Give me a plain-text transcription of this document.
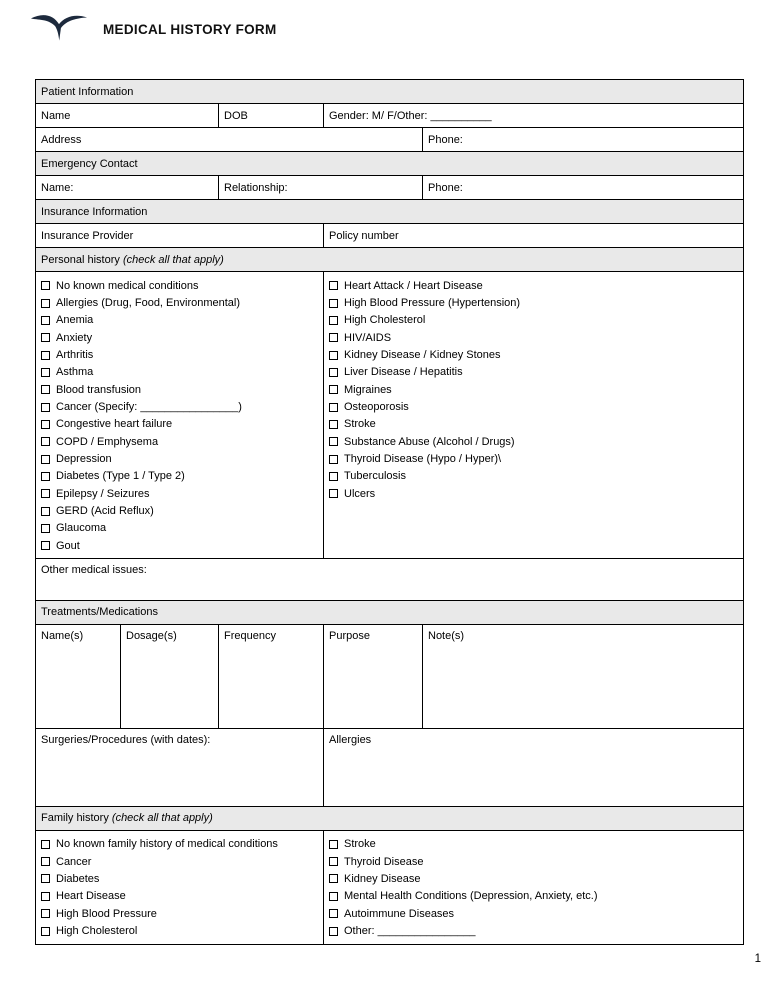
MEDICAL HISTORY FORM
Patient Information				
Name		DOB	Gender: M/ F/Other: __________	
Address				Phone:
Emergency Contact				
Name:		Relationship:		Phone:
Insurance Information				
Insurance Provider			Policy number	
Personal history (check all that apply)				

No known medical conditions
Allergies (Drug, Food, Environmental)
Anemia
Anxiety
Arthritis
Asthma
Blood transfusion
Cancer (Specify: ________________)
Congestive heart failure
COPD / Emphysema
Depression
Diabetes (Type 1 / Type 2)
Epilepsy / Seizures
GERD (Acid Reflux)
Glaucoma
Gout

Heart Attack / Heart Disease
High Blood Pressure (Hypertension)
High Cholesterol
HIV/AIDS
Kidney Disease / Kidney Stones
Liver Disease / Hepatitis
Migraines
Osteoporosis
Stroke
Substance Abuse (Alcohol / Drugs)
Thyroid Disease (Hypo / Hyper)\
Tuberculosis
Ulcers

Other medical issues:				
Treatments/Medications				
Name(s)	Dosage(s)	Frequency	Purpose	Note(s)
Surgeries/Procedures (with dates):			Allergies	
Family history (check all that apply)				

No known family history of medical conditions
Cancer
Diabetes
Heart Disease
High Blood Pressure
High Cholesterol

Stroke
Thyroid Disease
Kidney Disease
Mental Health Conditions (Depression, Anxiety, etc.)
Autoimmune Diseases
Other: ________________
1
